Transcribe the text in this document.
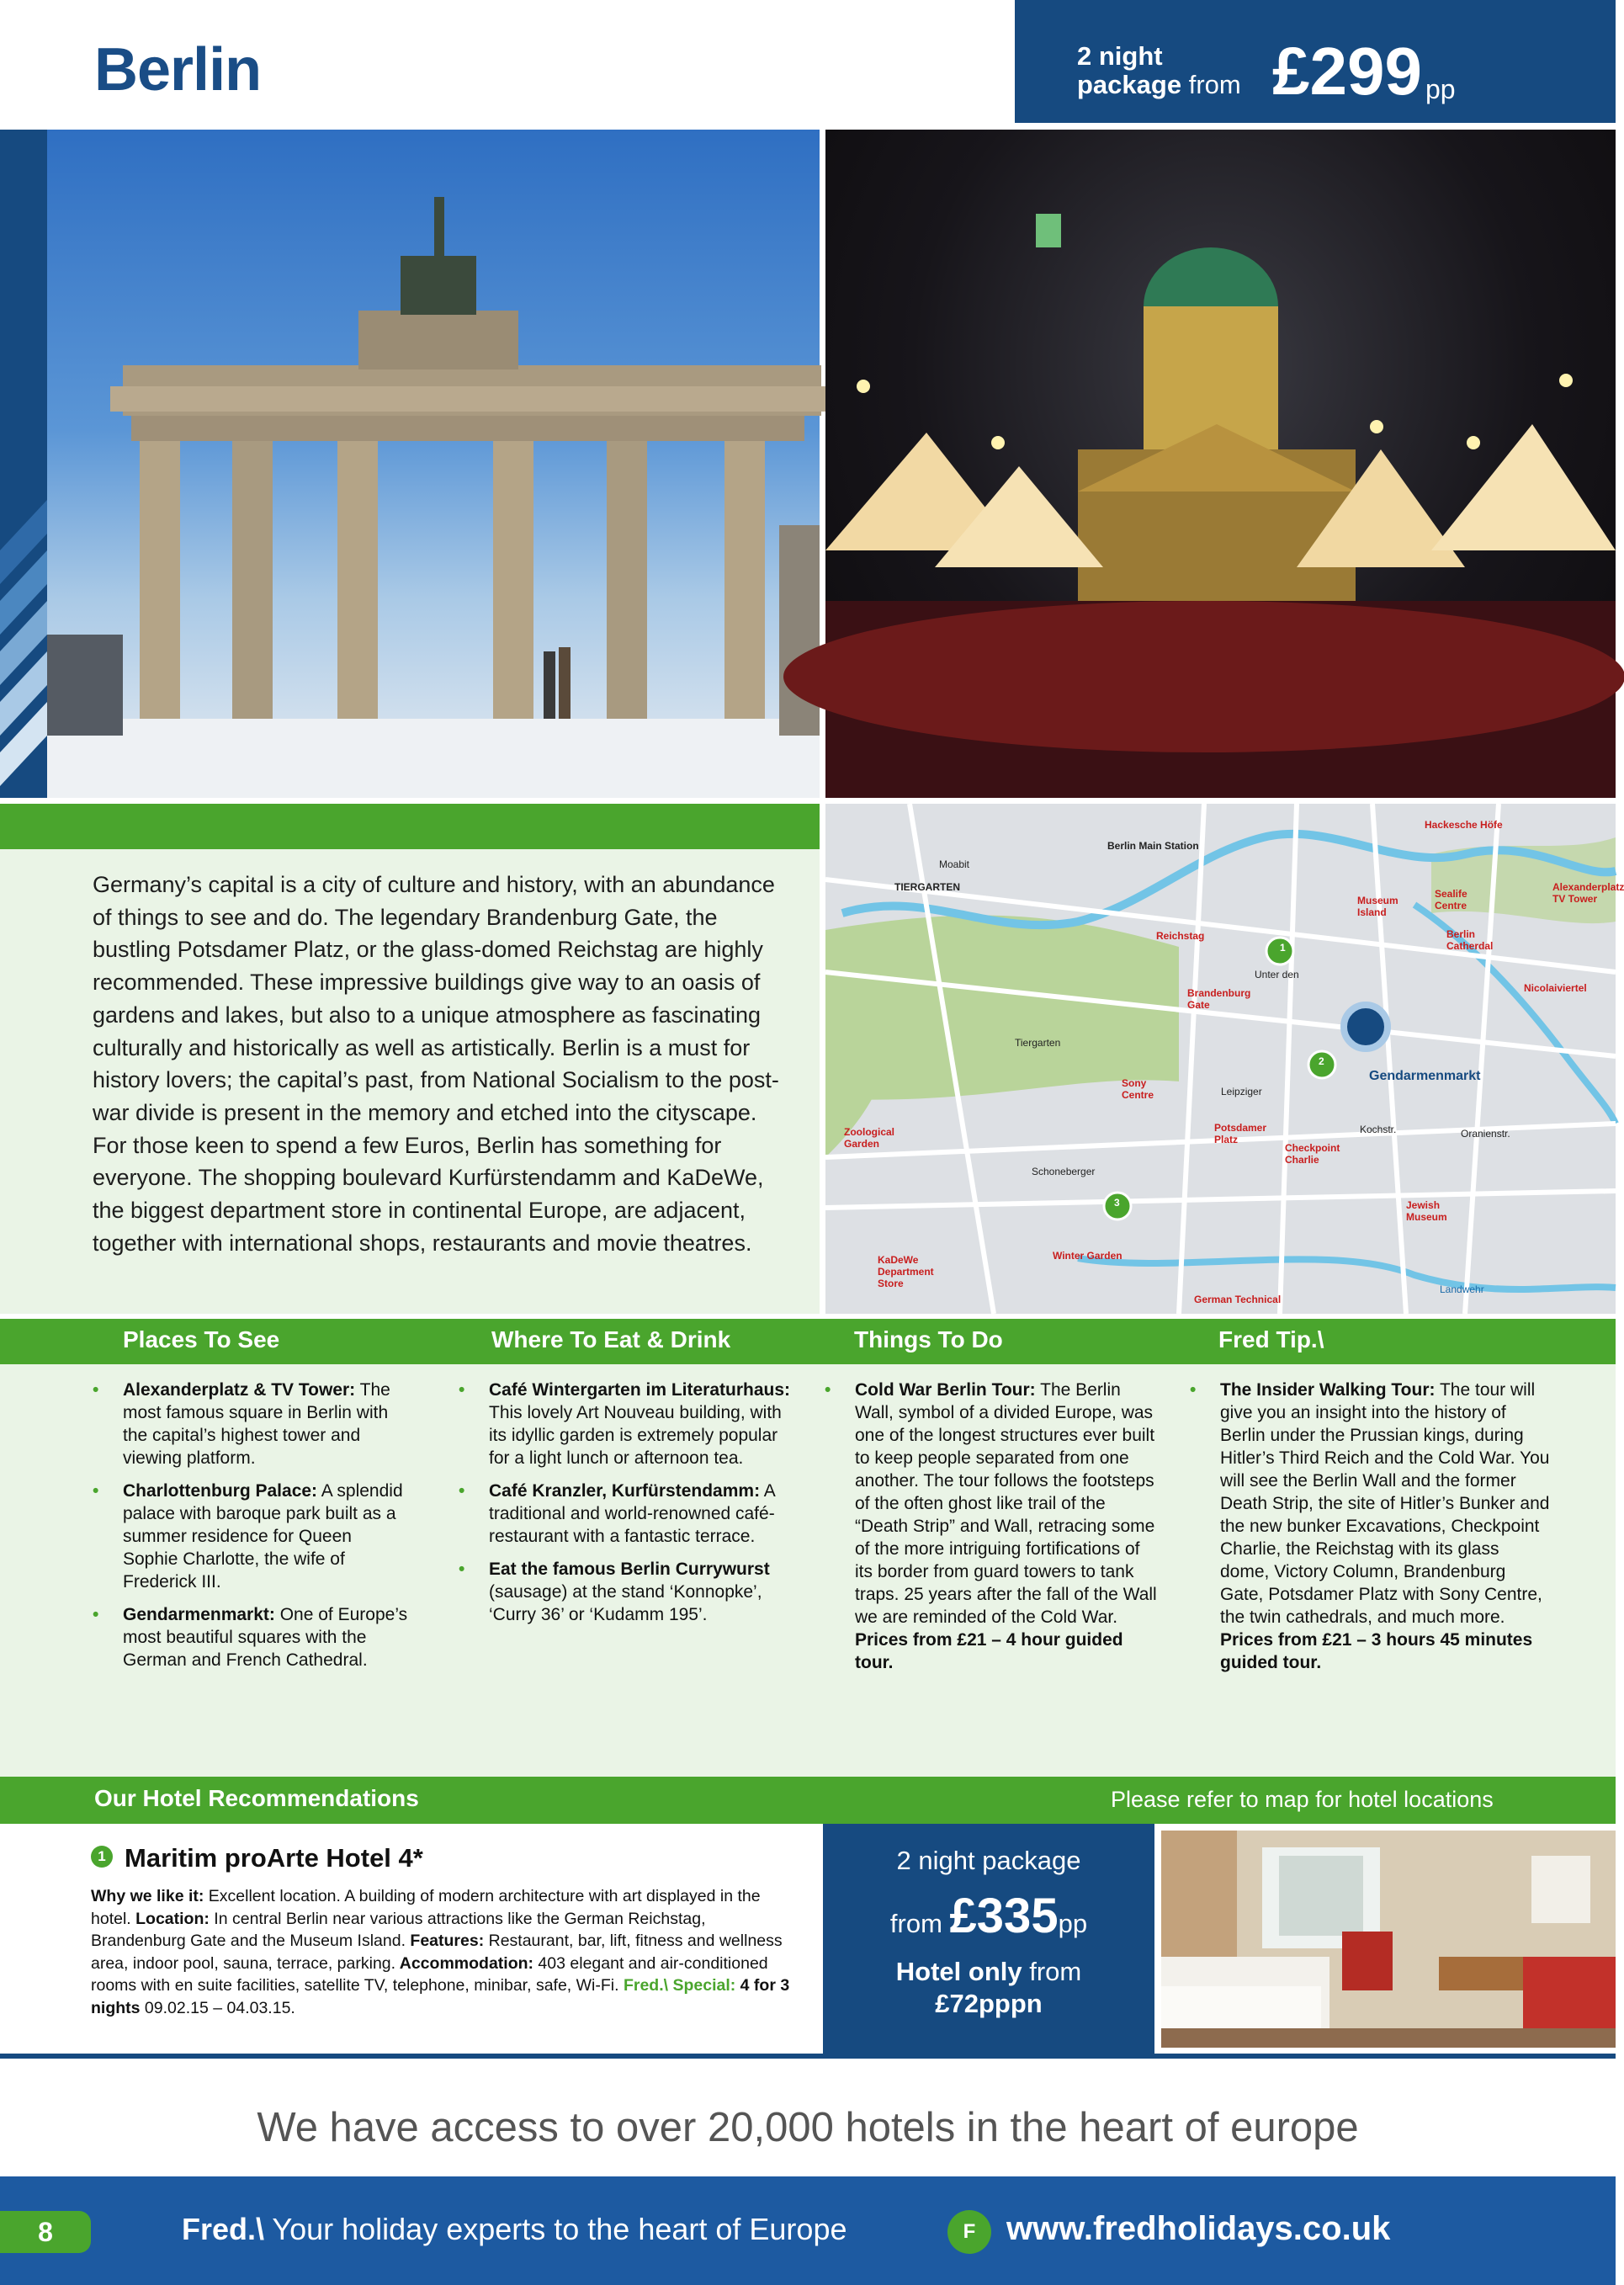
Berlin	2 night
package from £299 pp
Germany’s capital is a city of culture and history, with an abundance of things to see and do. The legendary Brandenburg Gate, the bustling Potsdamer Platz, or the glass-domed Reichstag are highly recommended. These impressive buildings give way to an oasis of gardens and lakes, but also to a unique atmosphere as fascinating culturally and historically as well as artistically. Berlin is a must for history lovers; the capital’s past, from National Socialism to the post-war divide is present in the memory and etched into the cityscape. For those keen to spend a few Euros, Berlin has something for everyone. The shopping boulevard Kurfürstendamm and KaDeWe, the biggest department store in continental Europe, are adjacent, together with international shops, restaurants and movie theatres.
1
2
3
TIERGARTEN
Berlin Main Station
Gendarmenmarkt
Tiergarten
Moabit
Unter den
Leipziger
Kochstr.	Oranienstr.
Landwehr
Schoneberger
Reichstag
Brandenburg Gate
Sony Centre
Potsdamer Platz
Checkpoint Charlie
Jewish Museum
Museum Island
Sealife Centre
Berlin Catherdal
Hackesche Höfe
Alexanderplatz TV Tower
Nicolaiviertel
Zoological Garden
Winter Garden
KaDeWe Department Store
German Technical
Places To See	Where To Eat & Drink	Things To Do	Fred Tip.\
• Alexanderplatz & TV Tower: The most famous square in Berlin with the capital’s highest tower and viewing platform.
• Charlottenburg Palace: A splendid palace with baroque park built as a summer residence for Queen Sophie Charlotte, the wife of Frederick III.
• Gendarmenmarkt: One of Europe’s most beautiful squares with the German and French Cathedral.
• Café Wintergarten im Literaturhaus: This lovely Art Nouveau building, with its idyllic garden is extremely popular for a light lunch or afternoon tea.
• Café Kranzler, Kurfürstendamm: A traditional and world-renowned café-restaurant with a fantastic terrace.
• Eat the famous Berlin Currywurst (sausage) at the stand ‘Konnopke’, ‘Curry 36’ or ‘Kudamm 195’.
• Cold War Berlin Tour: The Berlin Wall, symbol of a divided Europe, was one of the longest structures ever built to keep people separated from one another. The tour follows the footsteps of the often ghost like trail of the “Death Strip” and Wall, retracing some of the more intriguing fortifications of its border from guard towers to tank traps. 25 years after the fall of the Wall we are reminded of the Cold War. Prices from £21 – 4 hour guided tour.
• The Insider Walking Tour: The tour will give you an insight into the history of Berlin under the Prussian kings, during Hitler’s Third Reich and the Cold War. You will see the Berlin Wall and the former Death Strip, the site of Hitler’s Bunker and the new bunker Excavations, Checkpoint Charlie, the Reichstag with its glass dome, Victory Column, Brandenburg Gate, Potsdamer Platz with Sony Centre, the twin cathedrals, and much more. Prices from £21 – 3 hours 45 minutes guided tour.
Our Hotel Recommendations	Please refer to map for hotel locations
1 Maritim proArte Hotel 4*
Why we like it: Excellent location. A building of modern architecture with art displayed in the hotel. Location: In central Berlin near various attractions like the German Reichstag, Brandenburg Gate and the Museum Island. Features: Restaurant, bar, lift, fitness and wellness area, indoor pool, sauna, terrace, parking. Accommodation: 403 elegant and air-conditioned rooms with en suite facilities, satellite TV, telephone, minibar, safe, Wi-Fi. Fred.\ Special: 4 for 3 nights 09.02.15 – 04.03.15.
2 night package
from £335pp
Hotel only from
£72pppn
We have access to over 20,000 hotels in the heart of europe
8	Fred.\ Your holiday experts to the heart of Europe	F www.fredholidays.co.uk
